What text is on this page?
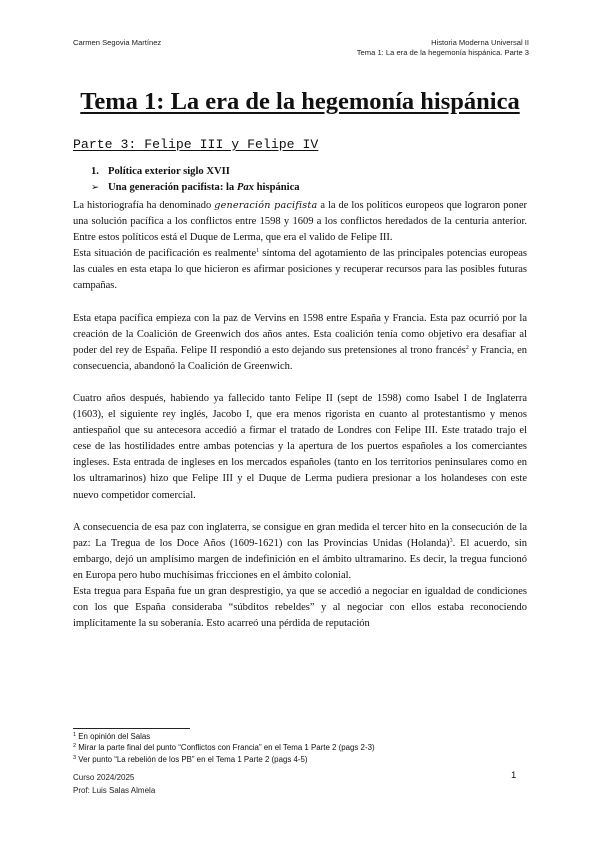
Carmen Segovia Martínez	Historia Moderna Universal II
Tema 1: La era de la hegemonía hispánica. Parte 3
Tema 1: La era de la hegemonía hispánica
Parte 3: Felipe III y Felipe IV
1. Política exterior siglo XVII
➢ Una generación pacifista: la Pax hispánica

La historiografía ha denominado generación pacifista a la de los políticos europeos que lograron poner una solución pacífica a los conflictos entre 1598 y 1609 a los conflictos heredados de la centuria anterior. Entre estos políticos está el Duque de Lerma, que era el valido de Felipe III.

Esta situación de pacificación es realmente$^1$ síntoma del agotamiento de las principales potencias europeas las cuales en esta etapa lo que hicieron es afirmar posiciones y recuperar recursos para las posibles futuras campañas.

Esta etapa pacífica empieza con la paz de Vervins en 1598 entre España y Francia. Esta paz ocurrió por la creación de la Coalición de Greenwich dos años antes. Esta coalición tenía como objetivo era desafiar al poder del rey de España. Felipe II respondió a esto dejando sus pretensiones al trono francés$^2$ y Francia, en consecuencia, abandonó la Coalición de Greenwich.

Cuatro años después, habiendo ya fallecido tanto Felipe II (sept de 1598) como Isabel I de Inglaterra (1603), el siguiente rey inglés, Jacobo I, que era menos rigorista en cuanto al protestantismo y menos antiespañol que su antecesora accedió a firmar el tratado de Londres con Felipe III. Este tratado trajo el cese de las hostilidades entre ambas potencias y la apertura de los puertos españoles a los comerciantes ingleses. Esta entrada de ingleses en los mercados españoles (tanto en los territorios peninsulares como en los ultramarinos) hizo que Felipe III y el Duque de Lerma pudiera presionar a los holandeses con este nuevo competidor comercial.

A consecuencia de esa paz con inglaterra, se consigue en gran medida el tercer hito en la consecución de la paz: La Tregua de los Doce Años (1609-1621) con las Provincias Unidas (Holanda)$^3$. El acuerdo, sin embargo, dejó un amplísimo margen de indefinición en el ámbito ultramarino. Es decir, la tregua funcionó en Europa pero hubo muchísimas fricciones en el ámbito colonial.

Esta tregua para España fue un gran desprestigio, ya que se accedió a negociar en igualdad de condiciones con los que España consideraba “súbditos rebeldes” y al negociar con ellos estaba reconociendo implícitamente la su soberanía. Esto acarreó una pérdida de reputación

$^1$ En opinión del Salas
$^2$ Mirar la parte final del punto “Conflictos con Francia” en el Tema 1 Parte 2 (pags 2-3)
$^3$ Ver punto “La rebelión de los PB” en el Tema 1 Parte 2 (pags 4-5)
Curso 2024/2025
Prof: Luis Salas Almela
1
